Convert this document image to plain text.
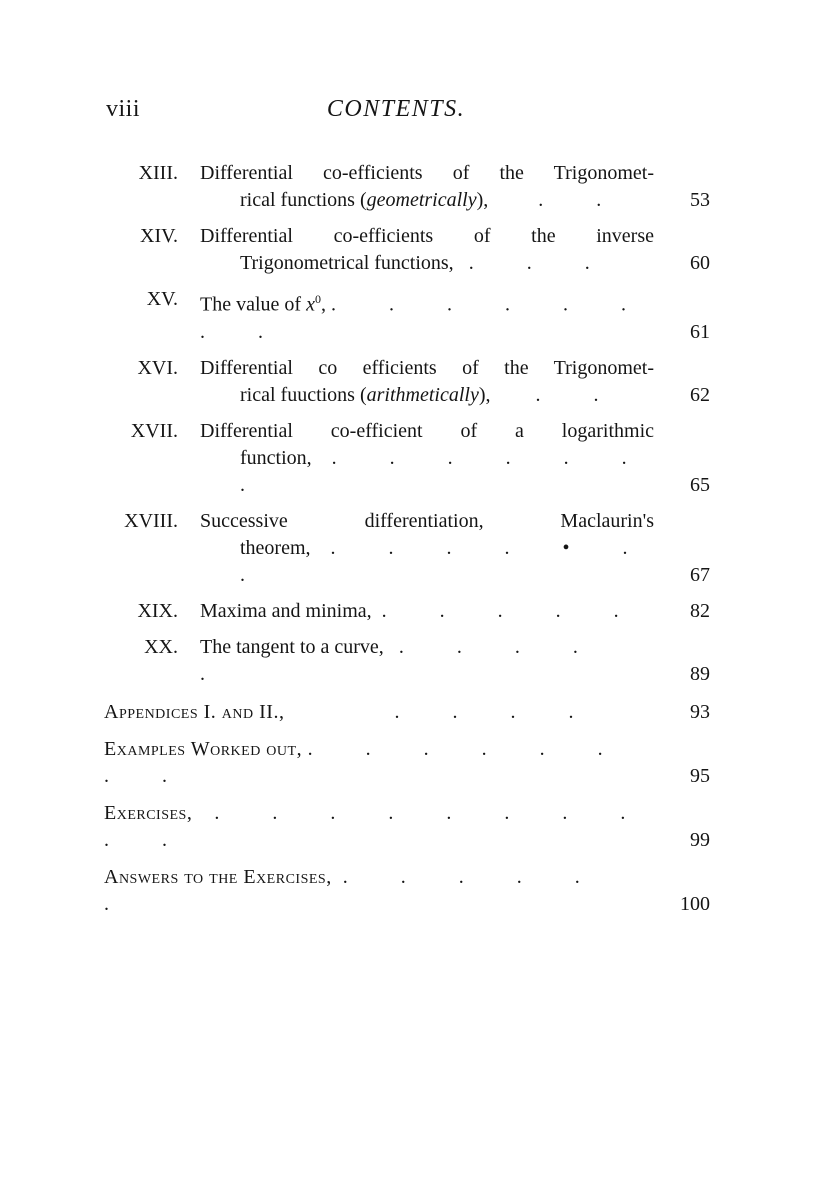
viii	CONTENTS.
XIII. Differential co-efficients of the Trigonomet-
rical functions (geometrically),	. .	53
XIV. Differential co-efficients of the inverse
Trigonometrical functions, . . .	60
XV. The value of $x^0$, . . . . . . . .	61
XVI. Differential co efficients of the Trigonomet-
rical fuuctions (arithmetically), . .	62
XVII. Differential co-efficient of a logarithmic
function, . . . . . . .	65
XVIII. Successive differentiation, Maclaurin's
theorem, . . . . • . .	67
XIX. Maxima and minima, . . . . .	82
XX. The tangent to a curve, . . . . .	89
Appendices I. and II.,	. . . .	93
Examples Worked out, . . . . . . . .	95
Exercises, . . . . . . . . . .	99
Answers to the Exercises, . . . . . .	100
